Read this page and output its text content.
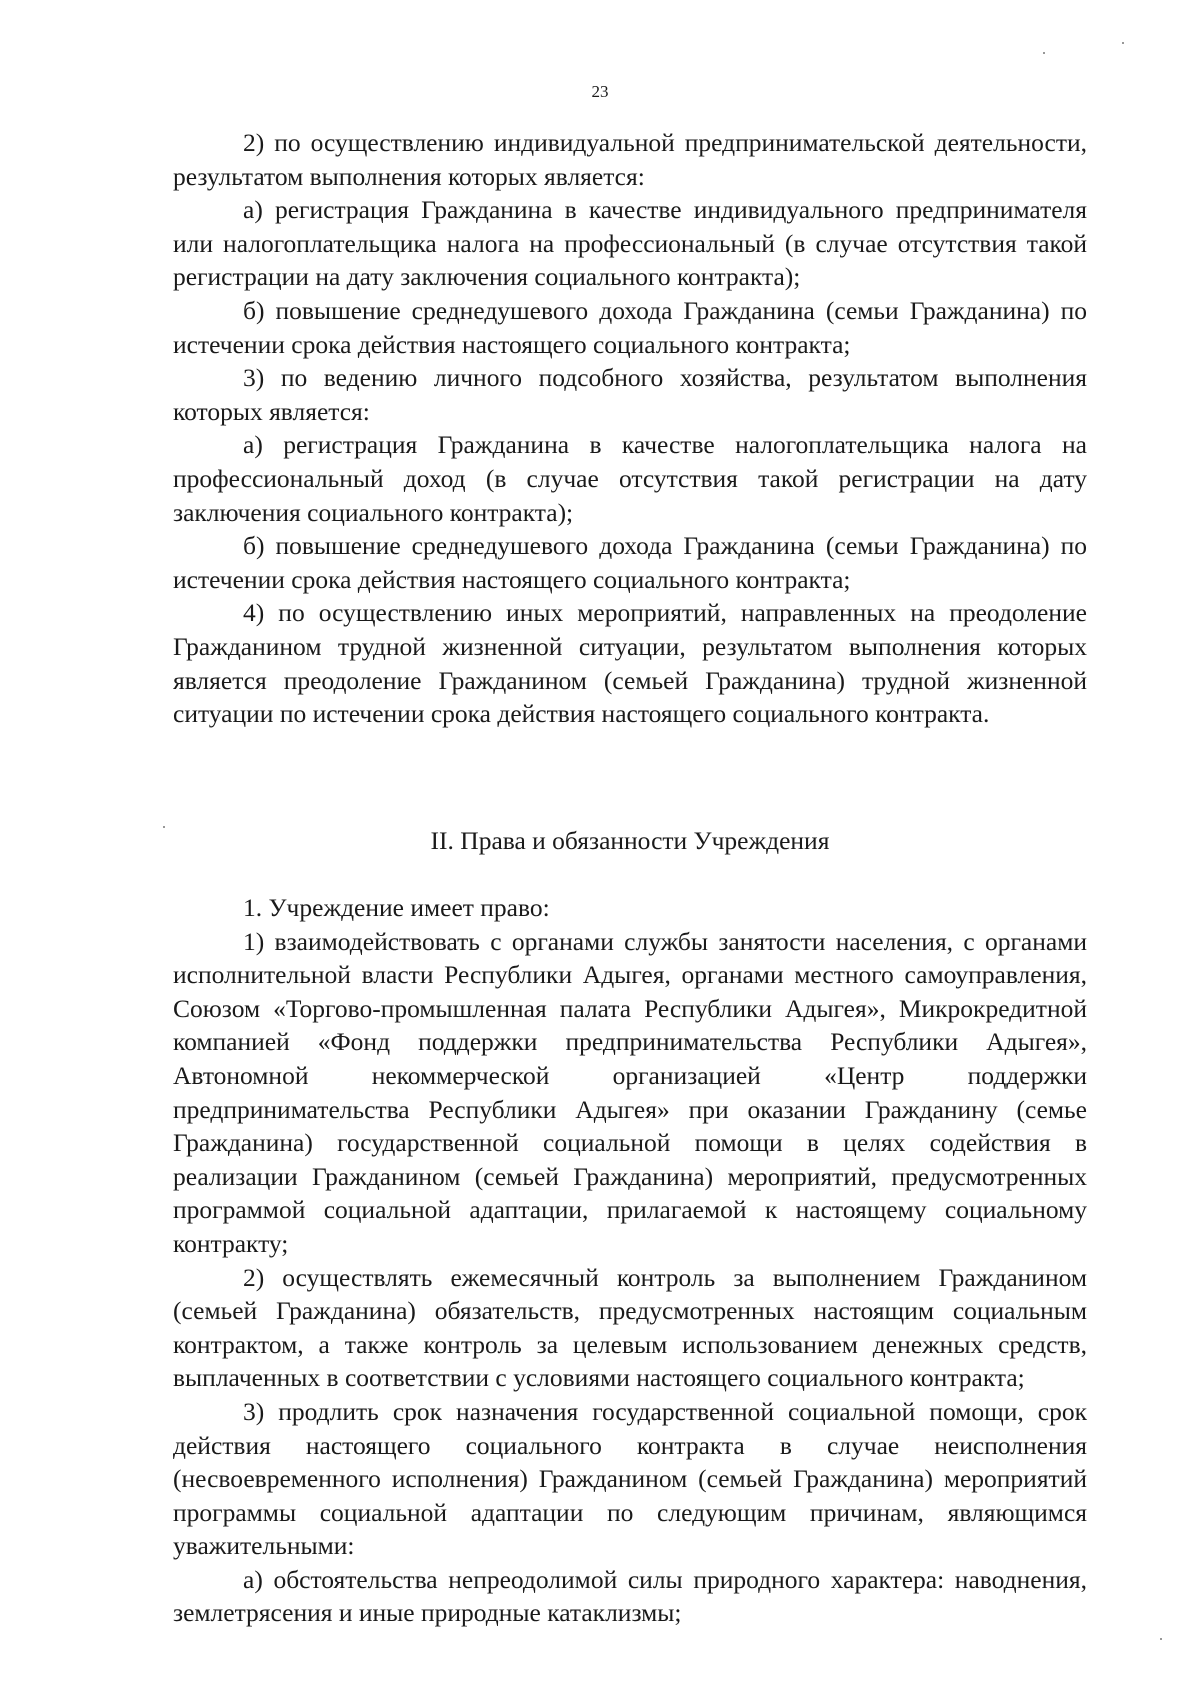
23

2) по осуществлению индивидуальной предпринимательской деятельности, результатом выполнения которых является:

а) регистрация Гражданина в качестве индивидуального предпринимателя или налогоплательщика налога на профессиональный (в случае отсутствия такой регистрации на дату заключения социального контракта);

б) повышение среднедушевого дохода Гражданина (семьи Гражданина) по истечении срока действия настоящего социального контракта;

3) по ведению личного подсобного хозяйства, результатом выполнения которых является:

а) регистрация Гражданина в качестве налогоплательщика налога на профессиональный доход (в случае отсутствия такой регистрации на дату заключения социального контракта);

б) повышение среднедушевого дохода Гражданина (семьи Гражданина) по истечении срока действия настоящего социального контракта;

4) по осуществлению иных мероприятий, направленных на преодоление Гражданином трудной жизненной ситуации, результатом выполнения которых является преодоление Гражданином (семьей Гражданина) трудной жизненной ситуации по истечении срока действия настоящего социального контракта.

II. Права и обязанности Учреждения

1. Учреждение имеет право:

1) взаимодействовать с органами службы занятости населения, с органами исполнительной власти Республики Адыгея, органами местного самоуправления, Союзом «Торгово-промышленная палата Республики Адыгея», Микрокредитной компанией «Фонд поддержки предпринимательства Республики Адыгея», Автономной некоммерческой организацией «Центр поддержки предпринимательства Республики Адыгея» при оказании Гражданину (семье Гражданина) государственной социальной помощи в целях содействия в реализации Гражданином (семьей Гражданина) мероприятий, предусмотренных программой социальной адаптации, прилагаемой к настоящему социальному контракту;

2) осуществлять ежемесячный контроль за выполнением Гражданином (семьей Гражданина) обязательств, предусмотренных настоящим социальным контрактом, а также контроль за целевым использованием денежных средств, выплаченных в соответствии с условиями настоящего социального контракта;

3) продлить срок назначения государственной социальной помощи, срок действия настоящего социального контракта в случае неисполнения (несвоевременного исполнения) Гражданином (семьей Гражданина) мероприятий программы социальной адаптации по следующим причинам, являющимся уважительными:

а) обстоятельства непреодолимой силы природного характера: наводнения, землетрясения и иные природные катаклизмы;
